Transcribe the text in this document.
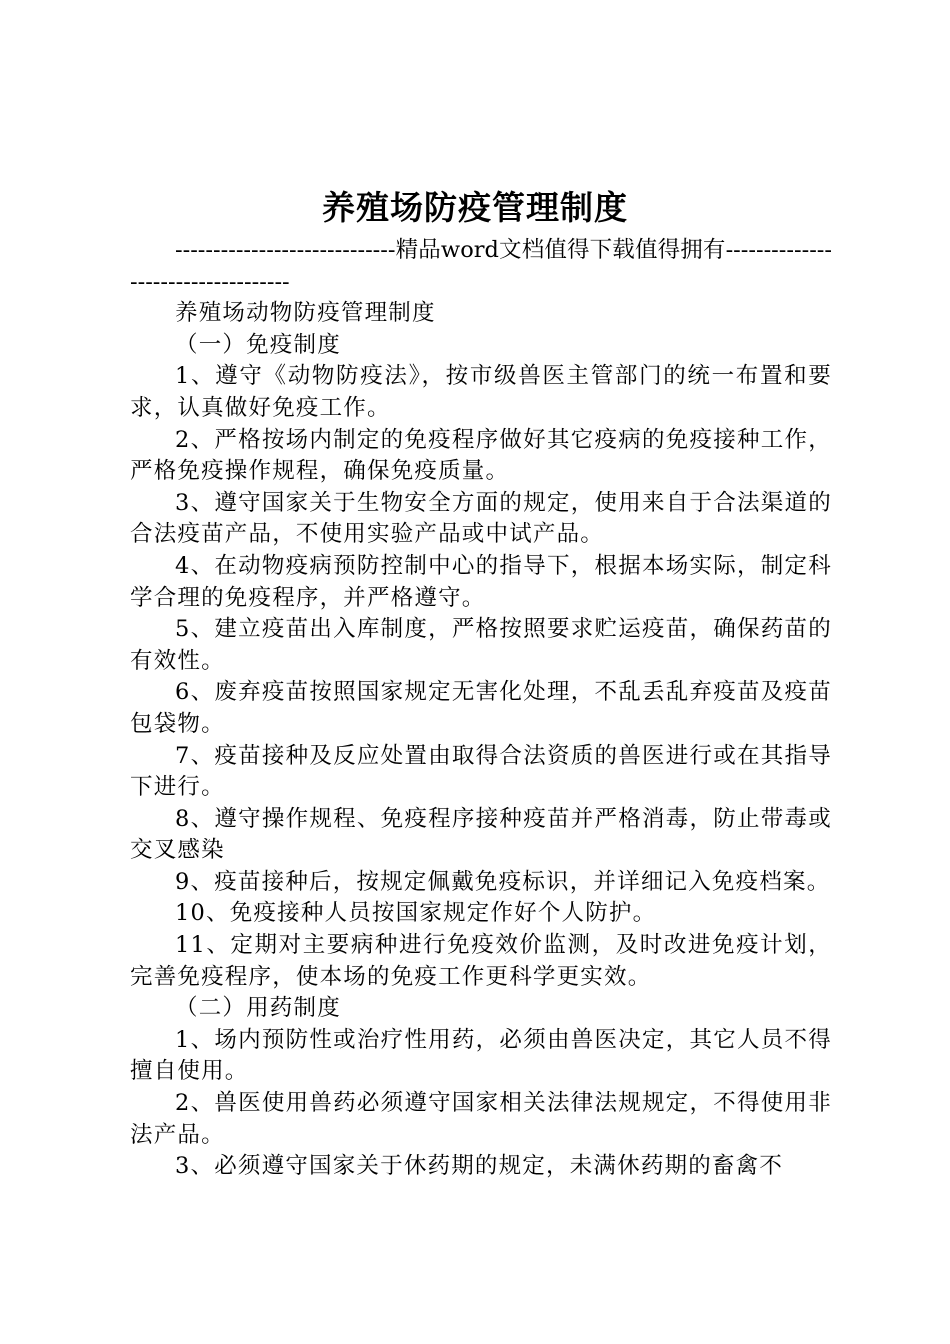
养殖场防疫管理制度

-----------------------------精品word文档值得下载值得拥有-----------------------------------

养殖场动物防疫管理制度

（一）免疫制度

1、遵守《动物防疫法》，按市级兽医主管部门的统一布置和要求，认真做好免疫工作。

2、严格按场内制定的免疫程序做好其它疫病的免疫接种工作，严格免疫操作规程，确保免疫质量。

3、遵守国家关于生物安全方面的规定，使用来自于合法渠道的合法疫苗产品，不使用实验产品或中试产品。

4、在动物疫病预防控制中心的指导下，根据本场实际，制定科学合理的免疫程序，并严格遵守。

5、建立疫苗出入库制度，严格按照要求贮运疫苗，确保药苗的有效性。

6、废弃疫苗按照国家规定无害化处理，不乱丢乱弃疫苗及疫苗包袋物。

7、疫苗接种及反应处置由取得合法资质的兽医进行或在其指导下进行。

8、遵守操作规程、免疫程序接种疫苗并严格消毒，防止带毒或交叉感染

9、疫苗接种后，按规定佩戴免疫标识，并详细记入免疫档案。

10、免疫接种人员按国家规定作好个人防护。

11、定期对主要病种进行免疫效价监测，及时改进免疫计划，完善免疫程序，使本场的免疫工作更科学更实效。

（二）用药制度

1、场内预防性或治疗性用药，必须由兽医决定，其它人员不得擅自使用。

2、兽医使用兽药必须遵守国家相关法律法规规定，不得使用非法产品。

3、必须遵守国家关于休药期的规定，未满休药期的畜禽不
